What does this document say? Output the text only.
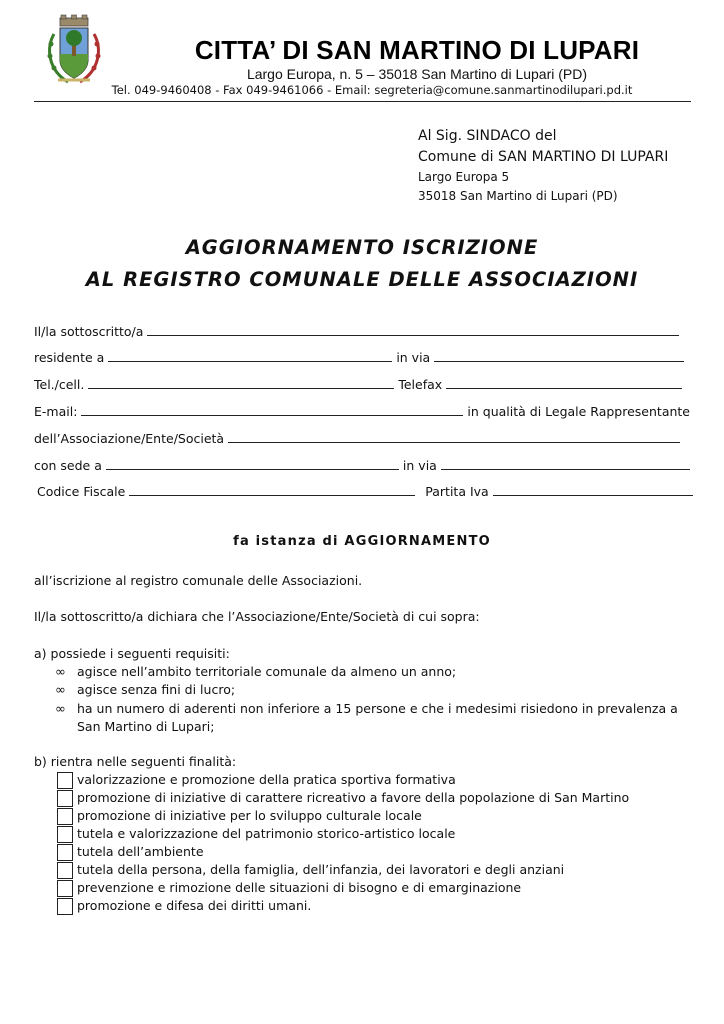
CITTA’ DI SAN MARTINO DI LUPARI
Largo Europa, n. 5 – 35018 San Martino di Lupari (PD)
Tel. 049-9460408 - Fax 049-9461066 - Email: segreteria@comune.sanmartinodilupari.pd.it
Al Sig. SINDACO del
Comune di SAN MARTINO DI LUPARI
Largo Europa 5
35018 San Martino di Lupari (PD)
AGGIORNAMENTO ISCRIZIONE
AL REGISTRO COMUNALE DELLE ASSOCIAZIONI
Il/la sottoscritto/a
residente a	in via
Tel./cell.	Telefax
E-mail:	in qualità di Legale Rappresentante
dell’Associazione/Ente/Società
con sede a	in via
Codice Fiscale	Partita Iva
fa istanza di AGGIORNAMENTO
all’iscrizione al registro comunale delle Associazioni.
Il/la sottoscritto/a dichiara che l’Associazione/Ente/Società di cui sopra:
a) possiede i seguenti requisiti:
∞ agisce nell’ambito territoriale comunale da almeno un anno;
∞ agisce senza fini di lucro;
∞ ha un numero di aderenti non inferiore a 15 persone e che i medesimi risiedono in prevalenza a San Martino di Lupari;
b) rientra nelle seguenti finalità:
valorizzazione e promozione della pratica sportiva formativa
promozione di iniziative di carattere ricreativo a favore della popolazione di San Martino
promozione di iniziative per lo sviluppo culturale locale
tutela e valorizzazione del patrimonio storico-artistico locale
tutela dell’ambiente
tutela della persona, della famiglia, dell’infanzia, dei lavoratori e degli anziani
prevenzione e rimozione delle situazioni di bisogno e di emarginazione
promozione e difesa dei diritti umani.
